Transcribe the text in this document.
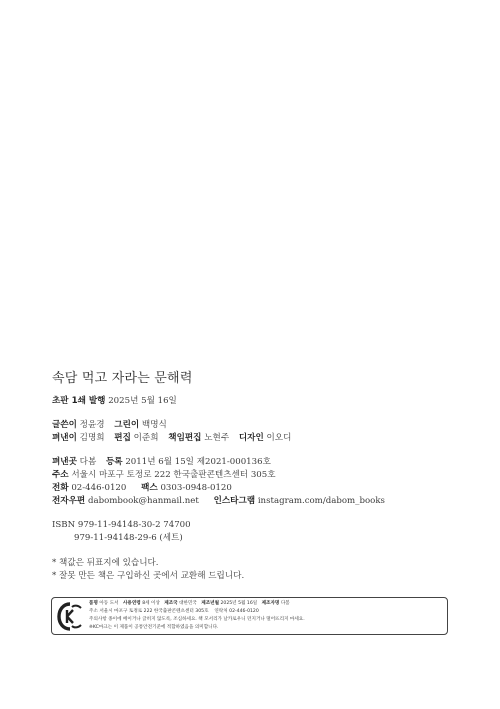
속담 먹고 자라는 문해력
초판 1쇄 발행 2025년 5월 16일
글쓴이 정윤경 그린이 백명식
펴낸이 김명희 편집 이준희 책임편집 노현주 디자인 이오디
펴낸곳 다봄 등록 2011년 6월 15일 제2021-000136호
주소 서울시 마포구 토정로 222 한국출판콘텐츠센터 305호
전화 02-446-0120 팩스 0303-0948-0120
전자우편 dabombook@hanmail.net 인스타그램 instagram.com/dabom_books
ISBN 979-11-94148-30-2 74700
979-11-94148-29-6 (세트)
* 책값은 뒤표지에 있습니다.
* 잘못 만든 책은 구입하신 곳에서 교환해 드립니다.
품명 아동 도서 사용연령 8세 이상 제조국 대한민국 제조년월 2025년 5월 16일 제조자명 다봄
주소 서울시 마포구 토정로 222 한국출판콘텐츠센터 305호 연락처 02-446-0120
주의사항 종이에 베이거나 긁히지 않도록, 조심하세요. 책 모서리가 날카로우니 던지거나 떨어뜨리지 마세요.
※KC마크는 이 제품이 공통안전기준에 적합하였음을 의미합니다.
